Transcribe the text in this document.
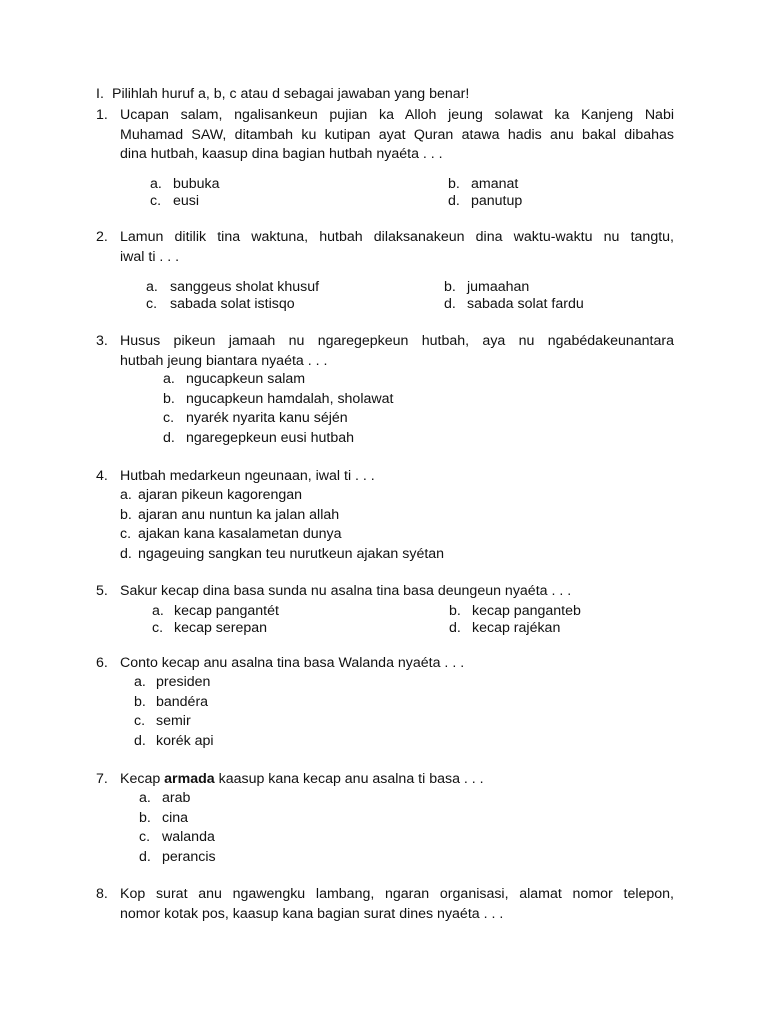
I. Pilihlah huruf a, b, c atau d sebagai jawaban yang benar!
1. Ucapan salam, ngalisankeun pujian ka Alloh jeung solawat ka Kanjeng Nabi
Muhamad SAW, ditambah ku kutipan ayat Quran atawa hadis anu bakal dibahas
dina hutbah, kaasup dina bagian hutbah nyaéta . . .
a. bubuka	b. amanat
c. eusi	d. panutup
2. Lamun ditilik tina waktuna, hutbah dilaksanakeun dina waktu-waktu nu tangtu,
iwal ti . . .
a. sanggeus sholat khusuf	b. jumaahan
c. sabada solat istisqo	d. sabada solat fardu
3. Husus pikeun jamaah nu ngaregepkeun hutbah, aya nu ngabédakeunantara
hutbah jeung biantara nyaéta . . .
a. ngucapkeun salam
b. ngucapkeun hamdalah, sholawat
c. nyarék nyarita kanu séjén
d. ngaregepkeun eusi hutbah
4. Hutbah medarkeun ngeunaan, iwal ti . . .
a. ajaran pikeun kagorengan
b. ajaran anu nuntun ka jalan allah
c. ajakan kana kasalametan dunya
d. ngageuing sangkan teu nurutkeun ajakan syétan
5. Sakur kecap dina basa sunda nu asalna tina basa deungeun nyaéta . . .
a. kecap pangantét	b. kecap panganteb
c. kecap serepan	d. kecap rajékan
6. Conto kecap anu asalna tina basa Walanda nyaéta . . .
a. presiden
b. bandéra
c. semir
d. korék api
7. Kecap armada kaasup kana kecap anu asalna ti basa . . .
a. arab
b. cina
c. walanda
d. perancis
8. Kop surat anu ngawengku lambang, ngaran organisasi, alamat nomor telepon,
nomor kotak pos, kaasup kana bagian surat dines nyaéta . . .
